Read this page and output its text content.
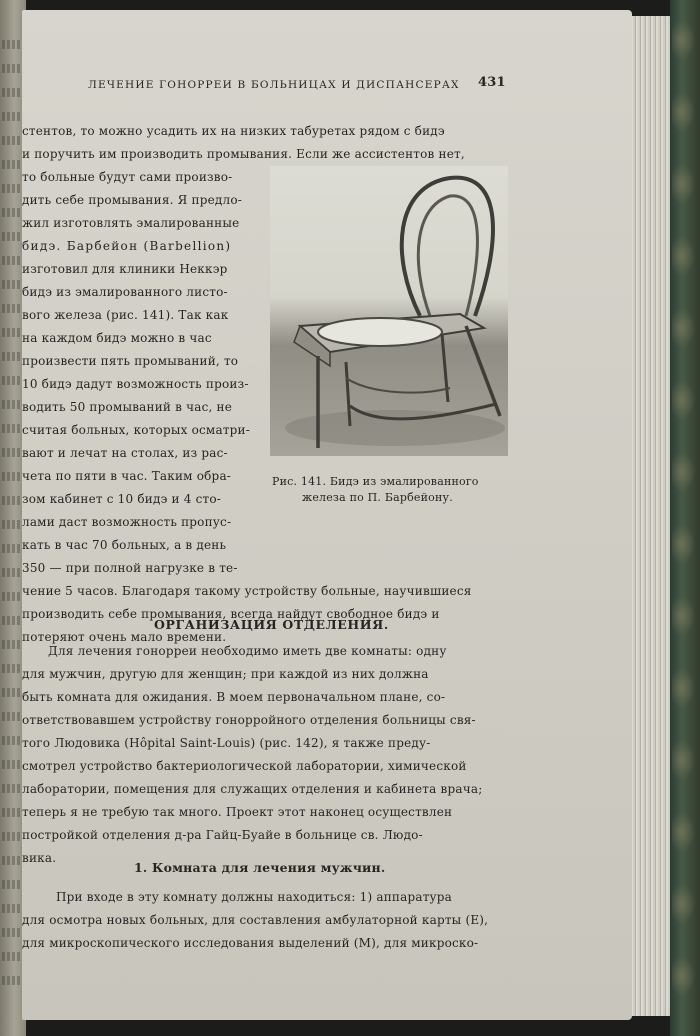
ЛЕЧЕНИЕ ГОНОРРЕИ В БОЛЬНИЦАХ И ДИСПАНСЕРАХ 431
стентов, то можно усадить их на низких табуретах рядом с бидэ
и поручить им производить промывания. Если же ассистентов нет,
то больные будут сами произво-
дить себе промывания. Я предло-
жил изготовлять эмалированные
бидэ. Барбейон (Barbellion)
изготовил для клиники Неккэр
бидэ из эмалированного листо-
вого железа (рис. 141). Так как
на каждом бидэ можно в час
произвести пять промываний, то
10 бидэ дадут возможность произ-
водить 50 промываний в час, не
считая больных, которых осматри-
вают и лечат на столах, из рас-
чета по пяти в час. Таким обра-
зом кабинет с 10 бидэ и 4 сто-
лами даст возможность пропус-
кать в час 70 больных, а в день
350 — при полной нагрузке в те-
чение 5 часов. Благодаря такому устройству больные, научившиеся
производить себе промывания, всегда найдут свободное бидэ и
потеряют очень мало времени.
Рис. 141. Бидэ из эмалированного
железа по П. Барбейону.
ОРГАНИЗАЦИЯ ОТДЕЛЕНИЯ.
Для лечения гонорреи необходимо иметь две комнаты: одну
для мужчин, другую для женщин; при каждой из них должна
быть комната для ожидания. В моем первоначальном плане, со-
ответствовавшем устройству гонорройного отделения больницы свя-
того Людовика (Hôpital Saint-Louis) (рис. 142), я также преду-
смотрел устройство бактериологической лаборатории, химической
лаборатории, помещения для служащих отделения и кабинета врача;
теперь я не требую так много. Проект этот наконец осуществлен
постройкой отделения д-ра Гайц-Буайе в больнице св. Людо-
вика.
1. Комната для лечения мужчин.
При входе в эту комнату должны находиться: 1) аппаратура
для осмотра новых больных, для составления амбулаторной карты (E),
для микроскопического исследования выделений (M), для микроско-
